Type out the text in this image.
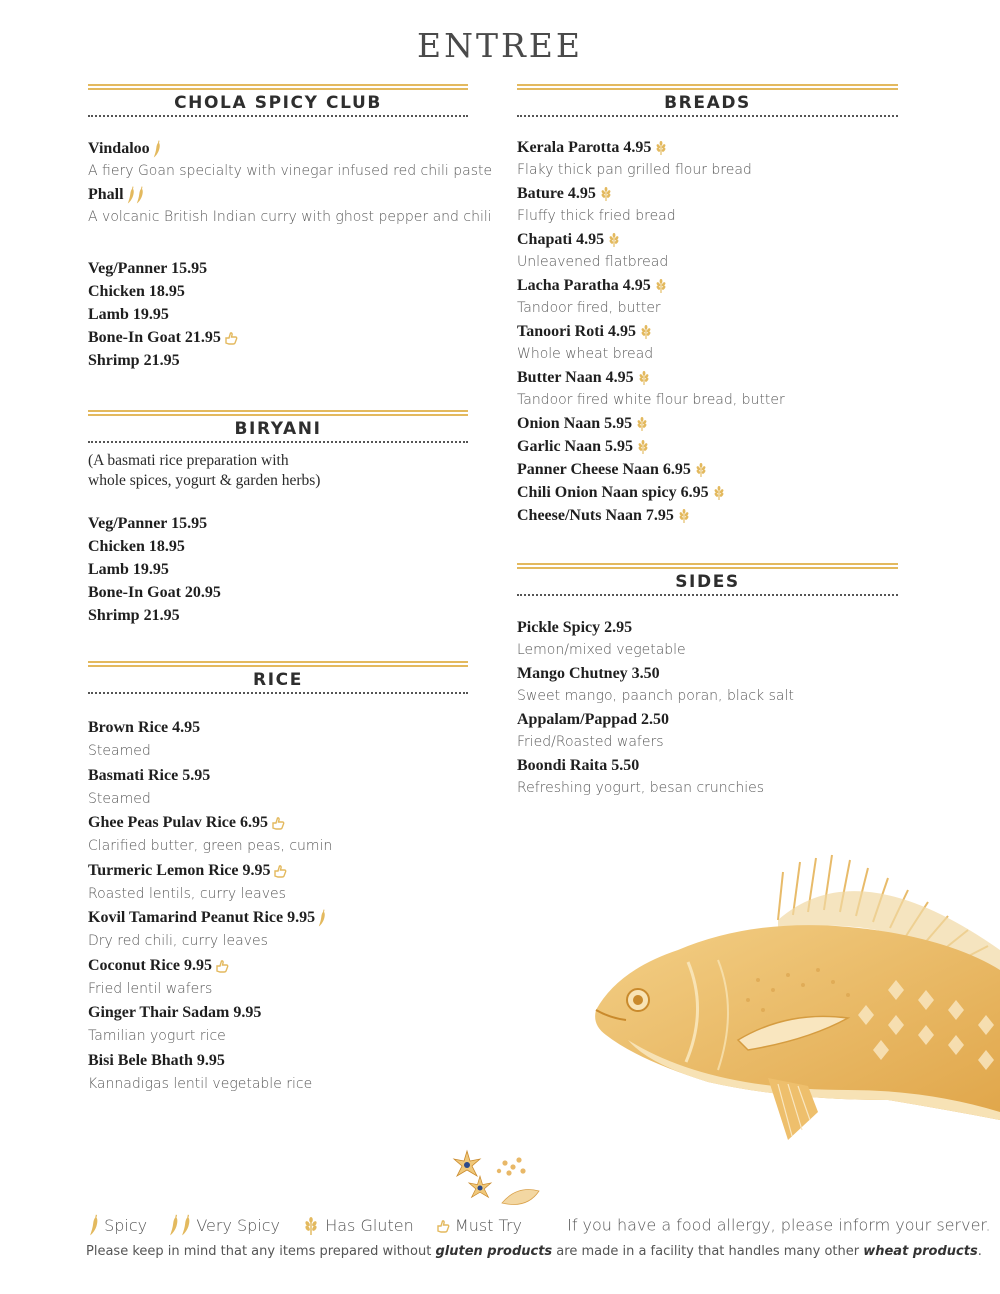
ENTREE
CHOLA SPICY CLUB
Vindaloo
A fiery Goan specialty with vinegar infused red chili paste
Phall
A volcanic British Indian curry with ghost pepper and chili
Veg/Panner 15.95
Chicken 18.95
Lamb 19.95
Bone-In Goat 21.95
Shrimp 21.95
BIRYANI
(A basmati rice preparation with
whole spices, yogurt & garden herbs)
Veg/Panner 15.95
Chicken 18.95
Lamb 19.95
Bone-In Goat 20.95
Shrimp 21.95
RICE
Brown Rice 4.95
Steamed
Basmati Rice 5.95
Steamed
Ghee Peas Pulav Rice 6.95
Clarified butter, green peas, cumin
Turmeric Lemon Rice 9.95
Roasted lentils, curry leaves
Kovil Tamarind Peanut Rice 9.95
Dry red chili, curry leaves
Coconut Rice 9.95
Fried lentil wafers
Ginger Thair Sadam 9.95
Tamilian yogurt rice
Bisi Bele Bhath 9.95
Kannadigas lentil vegetable rice
BREADS
Kerala Parotta 4.95
Flaky thick pan grilled flour bread
Bature 4.95
Fluffy thick fried bread
Chapati 4.95
Unleavened flatbread
Lacha Paratha 4.95
Tandoor fired, butter
Tanoori Roti 4.95
Whole wheat bread
Butter Naan 4.95
Tandoor fired white flour bread, butter
Onion Naan 5.95
Garlic Naan 5.95
Panner Cheese Naan 6.95
Chili Onion Naan spicy 6.95
Cheese/Nuts Naan 7.95
SIDES
Pickle Spicy 2.95
Lemon/mixed vegetable
Mango Chutney 3.50
Sweet mango, paanch poran, black salt
Appalam/Pappad 2.50
Fried/Roasted wafers
Boondi Raita 5.50
Refreshing yogurt, besan crunchies
Spicy	Very Spicy	Has Gluten	Must Try	If you have a food allergy, please inform your server.
Please keep in mind that any items prepared without gluten products are made in a facility that handles many other wheat products.
